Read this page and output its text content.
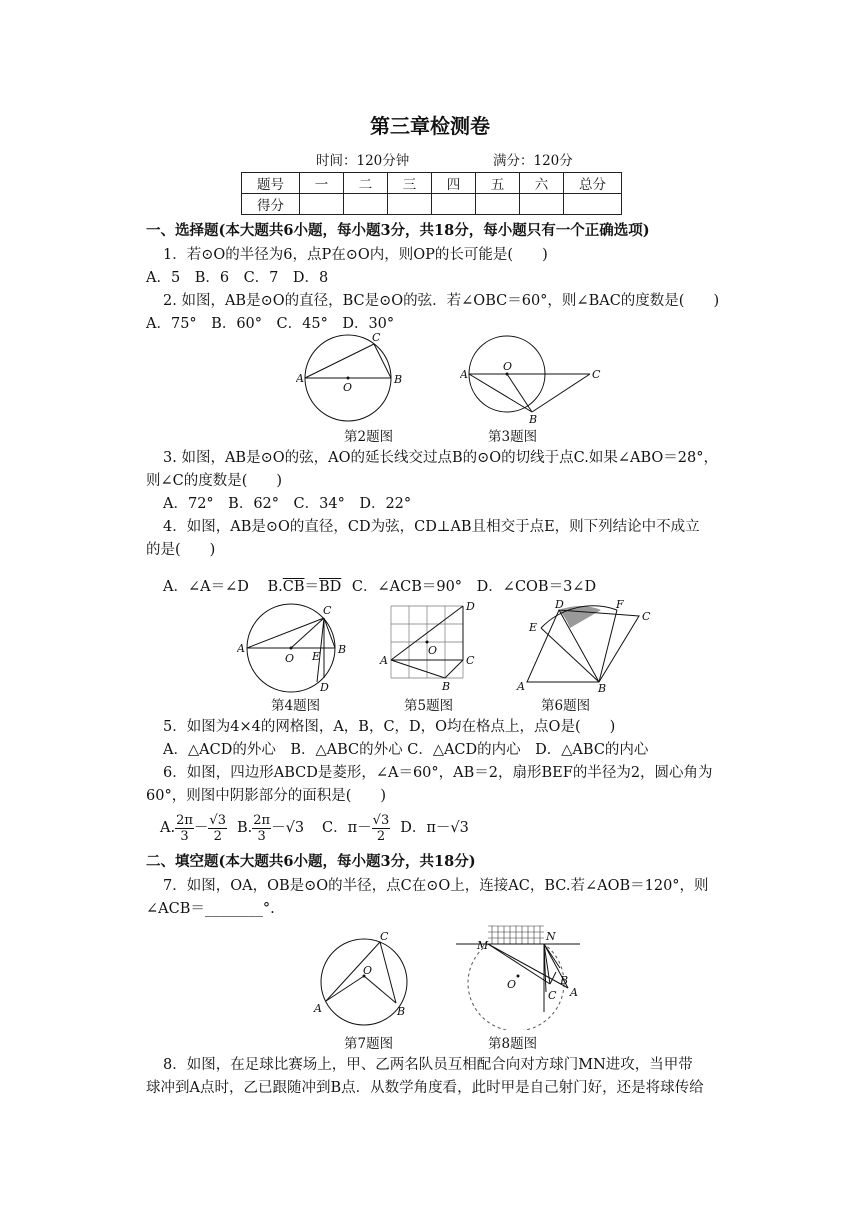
第三章检测卷
时间：120分钟	满分：120分
题号	一	二	三	四	五	六	总分
得分							
一、选择题(本大题共6小题，每小题3分，共18分，每小题只有一个正确选项)
1．若⊙O的半径为6，点P在⊙O内，则OP的长可能是(　　)
A．5　B．6　C．7　D．8
2. 如图，AB是⊙O的直径，BC是⊙O的弦．若∠OBC＝60°，则∠BAC的度数是(　　)
A．75°　B．60°　C．45°　D．30°
A	B
C
O
第2题图
A
B
C
O
第3题图
3. 如图，AB是⊙O的弦，AO的延长线交过点B的⊙O的切线于点C.如果∠ABO＝28°，
则∠C的度数是(　　)
A．72°　B．62°　C．34°　D．22°
4．如图，AB是⊙O的直径，CD为弦，CD⊥AB且相交于点E，则下列结论中不成立
的是(　　)
A．∠A＝∠D $B.\overline{CB}=\overline{BD}$ C．∠ACB＝90° D．∠COB＝3∠D
A	B
C
D
E
O
第4题图
A
B
C
D
O
第5题图
A	B
C
D
E
F
第6题图
5．如图为4×4的网格图，A，B，C，D，O均在格点上，点O是(　　)
A．△ACD的外心　B．△ABC的外心 C．△ACD的内心　D．△ABC的内心
6．如图，四边形ABCD是菱形，∠A＝60°，AB＝2，扇形BEF的半径为2，圆心角为
60°，则图中阴影部分的面积是(　　)
A. $\frac{2\pi}{3} - \frac{√3}{2} B$. $\frac{2\pi}{3} -√3$ C．$\pi- \frac{√3}{2}$ D．π－√3
二、填空题(本大题共6小题，每小题3分，共18分)
7．如图，OA，OB是⊙O的半径，点C在⊙O上，连接AC，BC.若∠AOB＝120°，则
∠ACB＝________°.
A	B
C
O
第7题图
M
N
A
B
C
O
第8题图
8．如图，在足球比赛场上，甲、乙两名队员互相配合向对方球门MN进攻，当甲带
球冲到A点时，乙已跟随冲到B点．从数学角度看，此时甲是自己射门好，还是将球传给
